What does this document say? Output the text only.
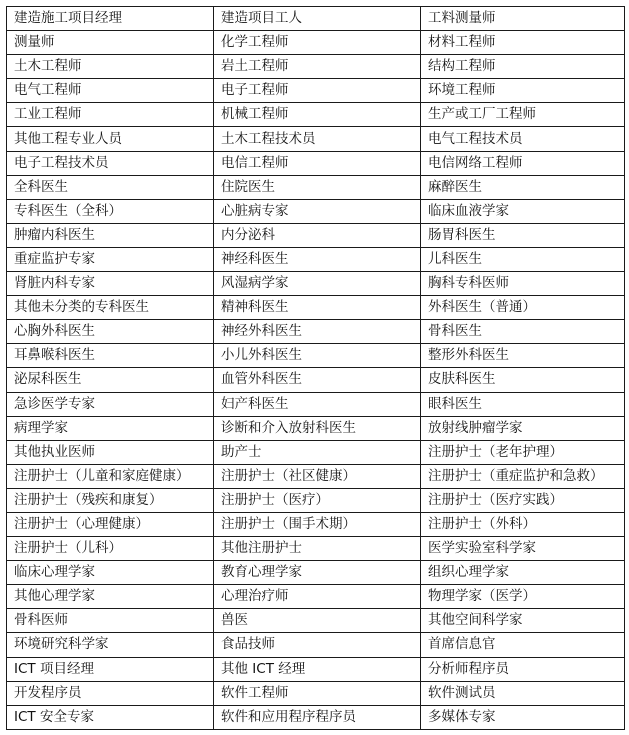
建造施工项目经理	建造项目工人	工料测量师
测量师	化学工程师	材料工程师
土木工程师	岩土工程师	结构工程师
电气工程师	电子工程师	环境工程师
工业工程师	机械工程师	生产或工厂工程师
其他工程专业人员	土木工程技术员	电气工程技术员
电子工程技术员	电信工程师	电信网络工程师
全科医生	住院医生	麻醉医生
专科医生（全科）	心脏病专家	临床血液学家
肿瘤内科医生	内分泌科	肠胃科医生
重症监护专家	神经科医生	儿科医生
肾脏内科专家	风湿病学家	胸科专科医师
其他未分类的专科医生	精神科医生	外科医生（普通）
心胸外科医生	神经外科医生	骨科医生
耳鼻喉科医生	小儿外科医生	整形外科医生
泌尿科医生	血管外科医生	皮肤科医生
急诊医学专家	妇产科医生	眼科医生
病理学家	诊断和介入放射科医生	放射线肿瘤学家
其他执业医师	助产士	注册护士（老年护理）
注册护士（儿童和家庭健康）	注册护士（社区健康）	注册护士（重症监护和急救）
注册护士（残疾和康复）	注册护士（医疗）	注册护士（医疗实践）
注册护士（心理健康）	注册护士（围手术期）	注册护士（外科）
注册护士（儿科）	其他注册护士	医学实验室科学家
临床心理学家	教育心理学家	组织心理学家
其他心理学家	心理治疗师	物理学家（医学）
骨科医师	兽医	其他空间科学家
环境研究科学家	食品技师	首席信息官
ICT 项目经理	其他 ICT 经理	分析师程序员
开发程序员	软件工程师	软件测试员
ICT 安全专家	软件和应用程序程序员	多媒体专家
